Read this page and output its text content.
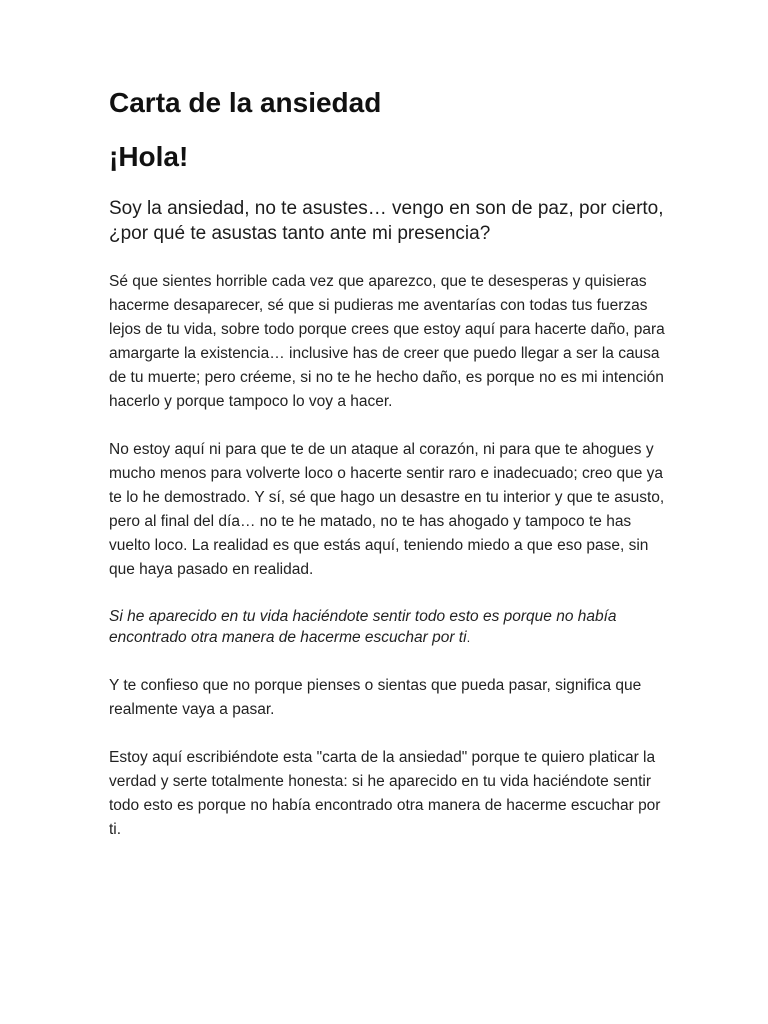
Carta de la ansiedad
¡Hola!

Soy la ansiedad, no te asustes… vengo en son de paz, por cierto, ¿por qué te asustas tanto ante mi presencia?

Sé que sientes horrible cada vez que aparezco, que te desesperas y quisieras hacerme desaparecer, sé que si pudieras me aventarías con todas tus fuerzas lejos de tu vida, sobre todo porque crees que estoy aquí para hacerte daño, para amargarte la existencia… inclusive has de creer que puedo llegar a ser la causa de tu muerte; pero créeme, si no te he hecho daño, es porque no es mi intención hacerlo y porque tampoco lo voy a hacer.

No estoy aquí ni para que te de un ataque al corazón, ni para que te ahogues y mucho menos para volverte loco o hacerte sentir raro e inadecuado; creo que ya te lo he demostrado. Y sí, sé que hago un desastre en tu interior y que te asusto, pero al final del día… no te he matado, no te has ahogado y tampoco te has vuelto loco. La realidad es que estás aquí, teniendo miedo a que eso pase, sin que haya pasado en realidad.

Si he aparecido en tu vida haciéndote sentir todo esto es porque no había encontrado otra manera de hacerme escuchar por ti.

Y te confieso que no porque pienses o sientas que pueda pasar, significa que realmente vaya a pasar.

Estoy aquí escribiéndote esta "carta de la ansiedad" porque te quiero platicar la verdad y serte totalmente honesta: si he aparecido en tu vida haciéndote sentir todo esto es porque no había encontrado otra manera de hacerme escuchar por ti.
